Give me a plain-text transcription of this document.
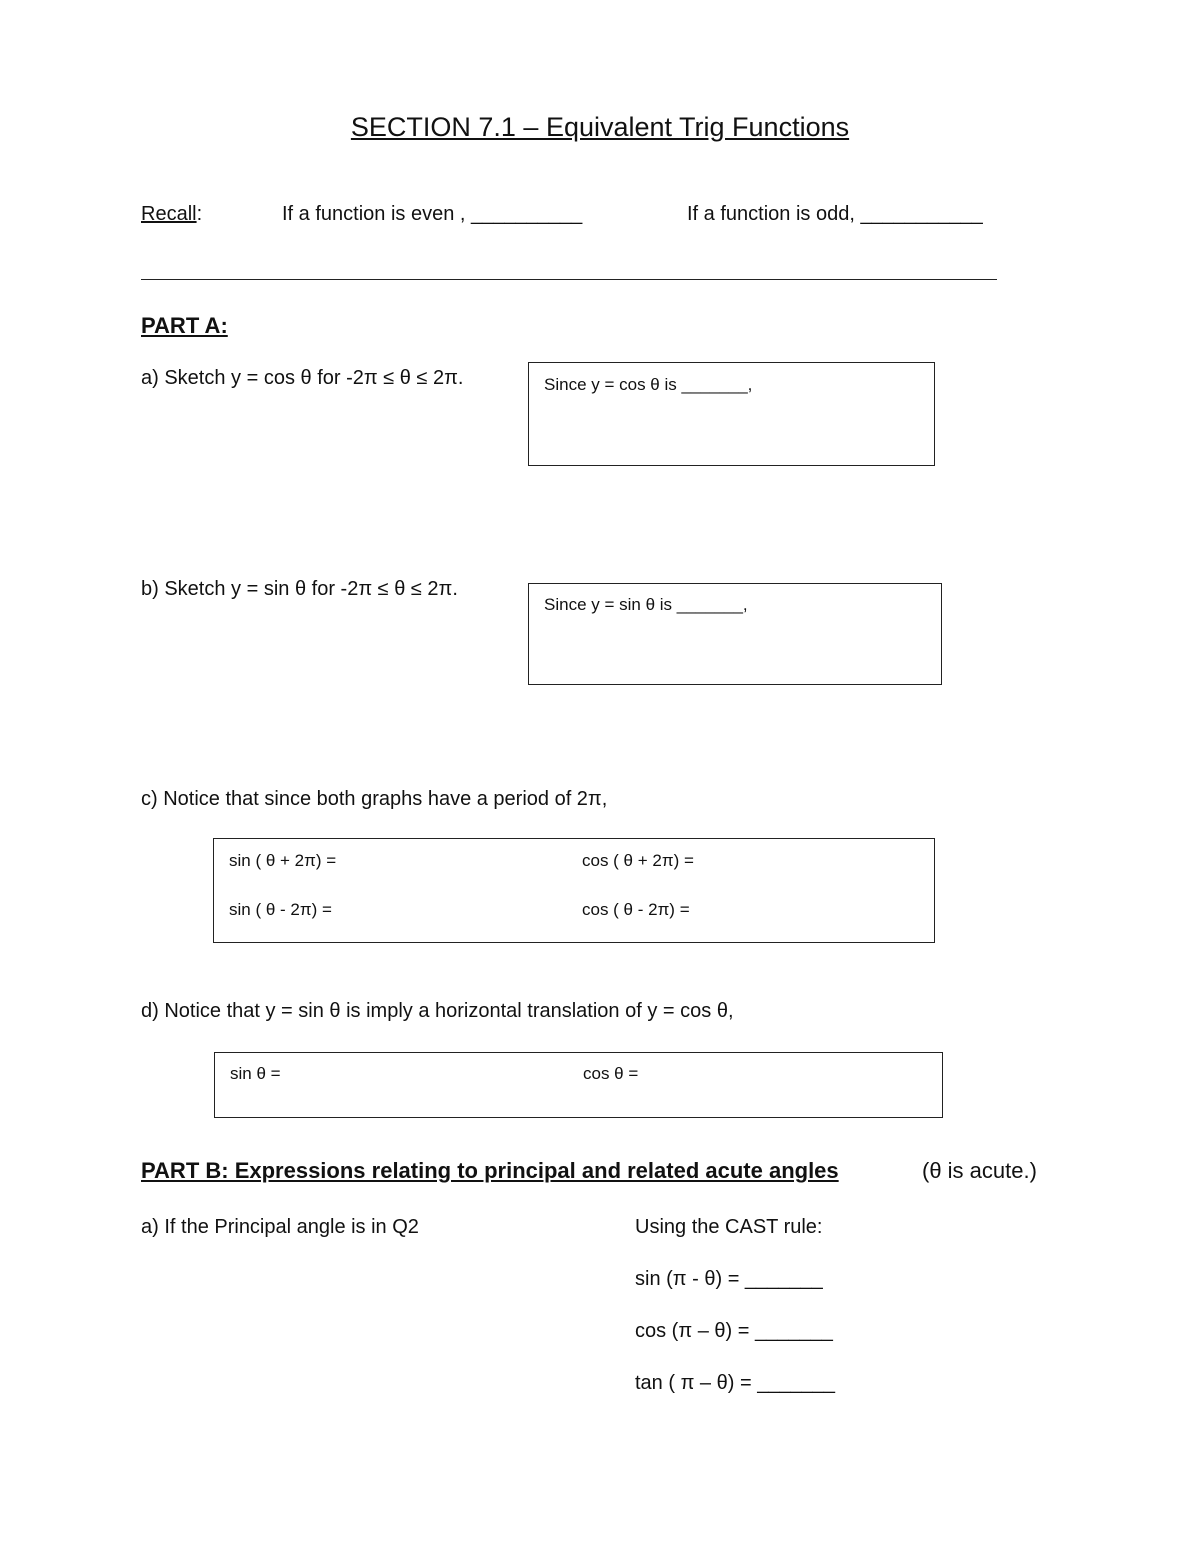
SECTION 7.1 – Equivalent Trig Functions
Recall:	If a function is even , __________	If a function is odd, ___________
PART A:
a) Sketch y = cos θ for -2π ≤ θ ≤ 2π.	Since y = cos θ is _______,
b) Sketch y = sin θ for -2π ≤ θ ≤ 2π.
Since y = sin θ is _______,
c) Notice that since both graphs have a period of 2π,
sin ( θ + 2π) =	cos ( θ + 2π) =
sin ( θ - 2π) =	cos ( θ - 2π) =
d) Notice that y = sin θ is imply a horizontal translation of y = cos θ,
sin θ =	cos θ =
PART B: Expressions relating to principal and related acute angles	(θ is acute.)
a) If the Principal angle is in Q2	Using the CAST rule:
sin (π - θ) = _______
cos (π – θ) = _______
tan ( π – θ) = _______
